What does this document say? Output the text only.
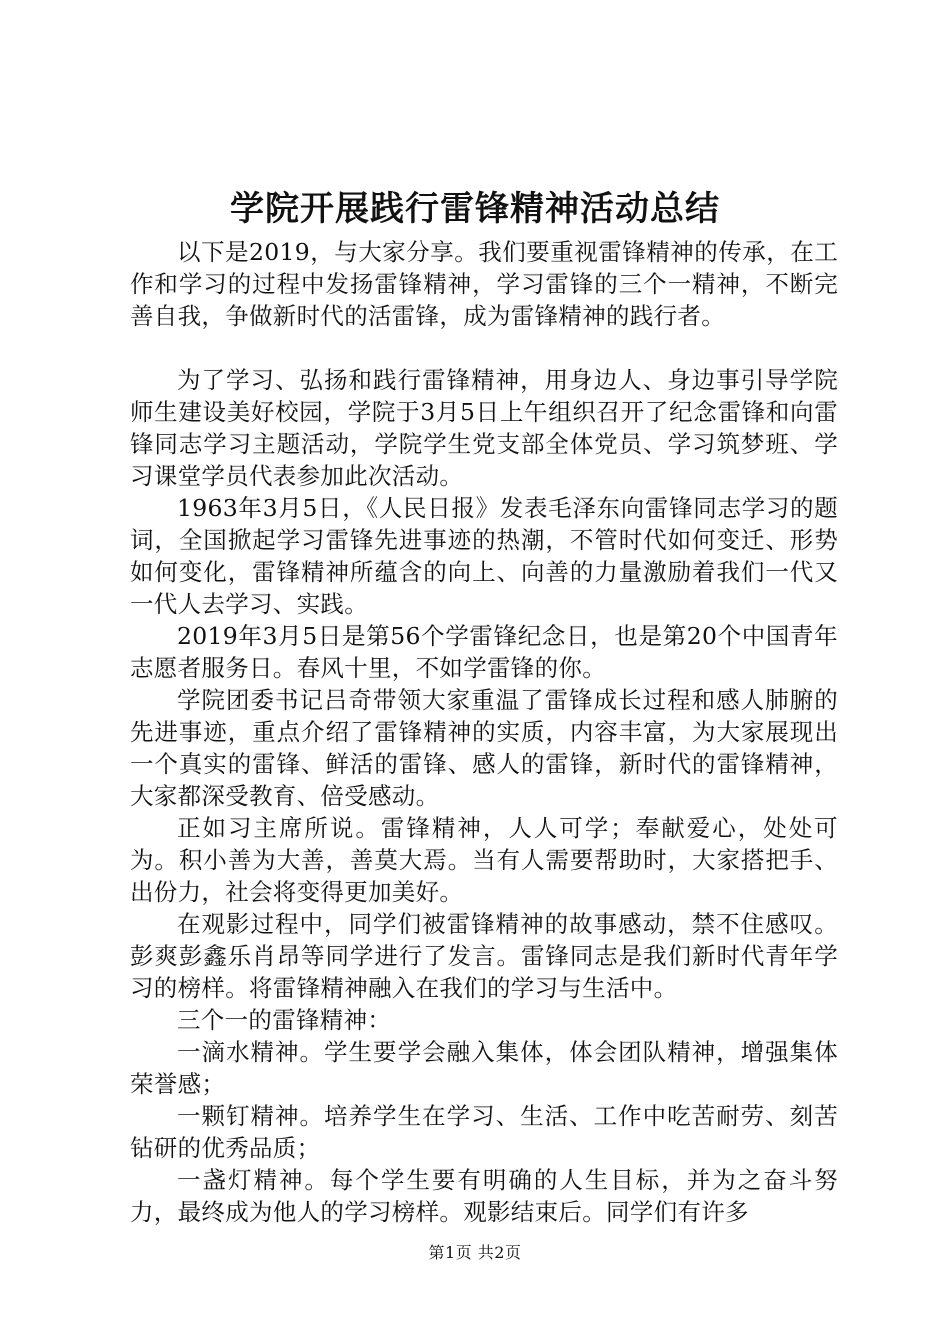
学院开展践行雷锋精神活动总结

以下是2019，与大家分享。我们要重视雷锋精神的传承，在工作和学习的过程中发扬雷锋精神，学习雷锋的三个一精神，不断完善自我，争做新时代的活雷锋，成为雷锋精神的践行者。

为了学习、弘扬和践行雷锋精神，用身边人、身边事引导学院师生建设美好校园，学院于3月5日上午组织召开了纪念雷锋和向雷锋同志学习主题活动，学院学生党支部全体党员、学习筑梦班、学习课堂学员代表参加此次活动。

1963年3月5日，《人民日报》发表毛泽东向雷锋同志学习的题词，全国掀起学习雷锋先进事迹的热潮，不管时代如何变迁、形势如何变化，雷锋精神所蕴含的向上、向善的力量激励着我们一代又一代人去学习、实践。

2019年3月5日是第56个学雷锋纪念日，也是第20个中国青年志愿者服务日。春风十里，不如学雷锋的你。

学院团委书记吕奇带领大家重温了雷锋成长过程和感人肺腑的先进事迹，重点介绍了雷锋精神的实质，内容丰富，为大家展现出一个真实的雷锋、鲜活的雷锋、感人的雷锋，新时代的雷锋精神，大家都深受教育、倍受感动。

正如习主席所说。雷锋精神，人人可学；奉献爱心，处处可为。积小善为大善，善莫大焉。当有人需要帮助时，大家搭把手、出份力，社会将变得更加美好。

在观影过程中，同学们被雷锋精神的故事感动，禁不住感叹。彭爽彭鑫乐肖昂等同学进行了发言。雷锋同志是我们新时代青年学习的榜样。将雷锋精神融入在我们的学习与生活中。

三个一的雷锋精神：

一滴水精神。学生要学会融入集体，体会团队精神，增强集体荣誉感；

一颗钉精神。培养学生在学习、生活、工作中吃苦耐劳、刻苦钻研的优秀品质；

一盏灯精神。每个学生要有明确的人生目标，并为之奋斗努力，最终成为他人的学习榜样。观影结束后。同学们有许多

第1页 共2页
